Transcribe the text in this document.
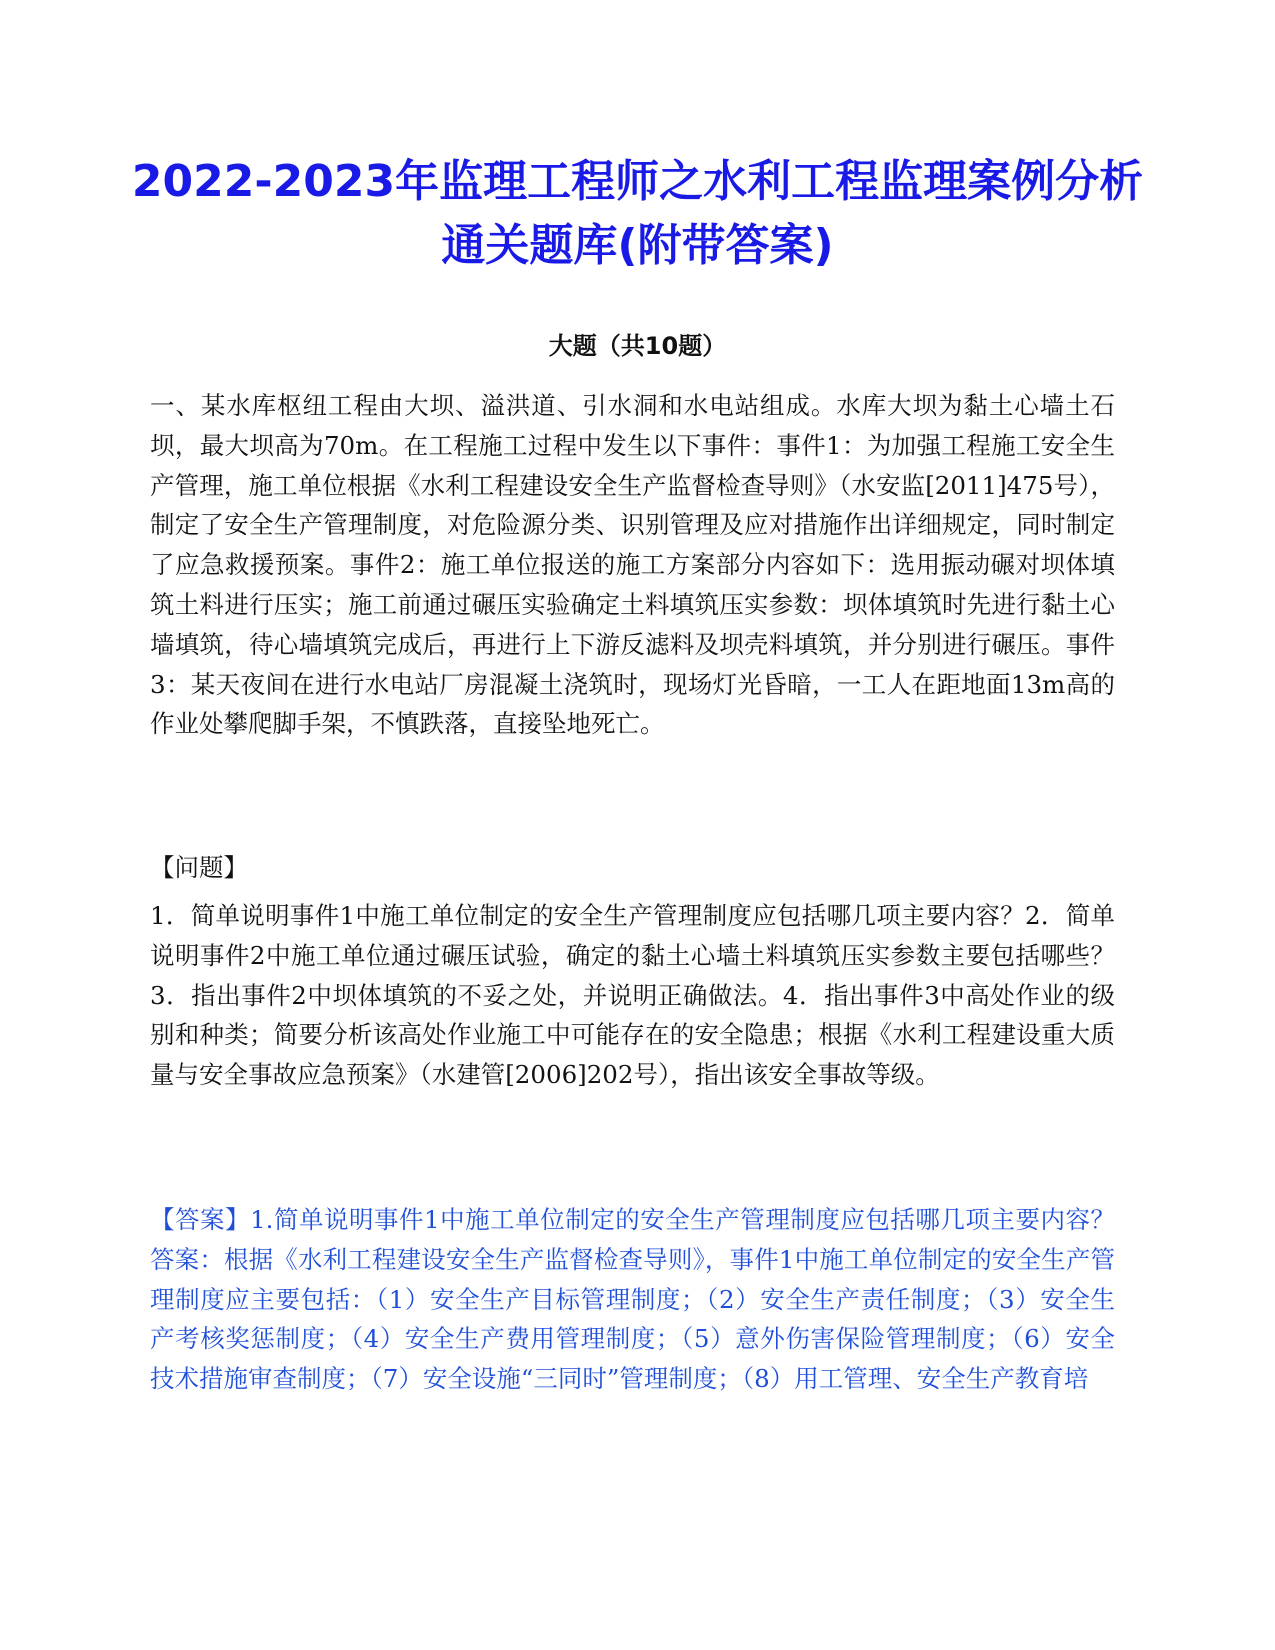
2022-2023年监理工程师之水利工程监理案例分析通关题库(附带答案)
大题（共10题）

一、某水库枢纽工程由大坝、溢洪道、引水洞和水电站组成。水库大坝为黏土心墙土石坝，最大坝高为70m。在工程施工过程中发生以下事件：事件1：为加强工程施工安全生产管理，施工单位根据《水利工程建设安全生产监督检查导则》（水安监[2011]475号），制定了安全生产管理制度，对危险源分类、识别管理及应对措施作出详细规定，同时制定了应急救援预案。事件2：施工单位报送的施工方案部分内容如下：选用振动碾对坝体填筑土料进行压实；施工前通过碾压实验确定土料填筑压实参数：坝体填筑时先进行黏土心墙填筑，待心墙填筑完成后，再进行上下游反滤料及坝壳料填筑，并分别进行碾压。事件3：某天夜间在进行水电站厂房混凝土浇筑时，现场灯光昏暗，一工人在距地面13m高的作业处攀爬脚手架，不慎跌落，直接坠地死亡。

【问题】

1．简单说明事件1中施工单位制定的安全生产管理制度应包括哪几项主要内容？2．简单说明事件2中施工单位通过碾压试验，确定的黏土心墙土料填筑压实参数主要包括哪些？3．指出事件2中坝体填筑的不妥之处，并说明正确做法。4．指出事件3中高处作业的级别和种类；简要分析该高处作业施工中可能存在的安全隐患；根据《水利工程建设重大质量与安全事故应急预案》（水建管[2006]202号），指出该安全事故等级。

【答案】1.简单说明事件1中施工单位制定的安全生产管理制度应包括哪几项主要内容？答案：根据《水利工程建设安全生产监督检查导则》，事件1中施工单位制定的安全生产管理制度应主要包括：（1）安全生产目标管理制度；（2）安全生产责任制度；（3）安全生产考核奖惩制度；（4）安全生产费用管理制度；（5）意外伤害保险管理制度；（6）安全技术措施审查制度；（7）安全设施“三同时”管理制度；（8）用工管理、安全生产教育培
